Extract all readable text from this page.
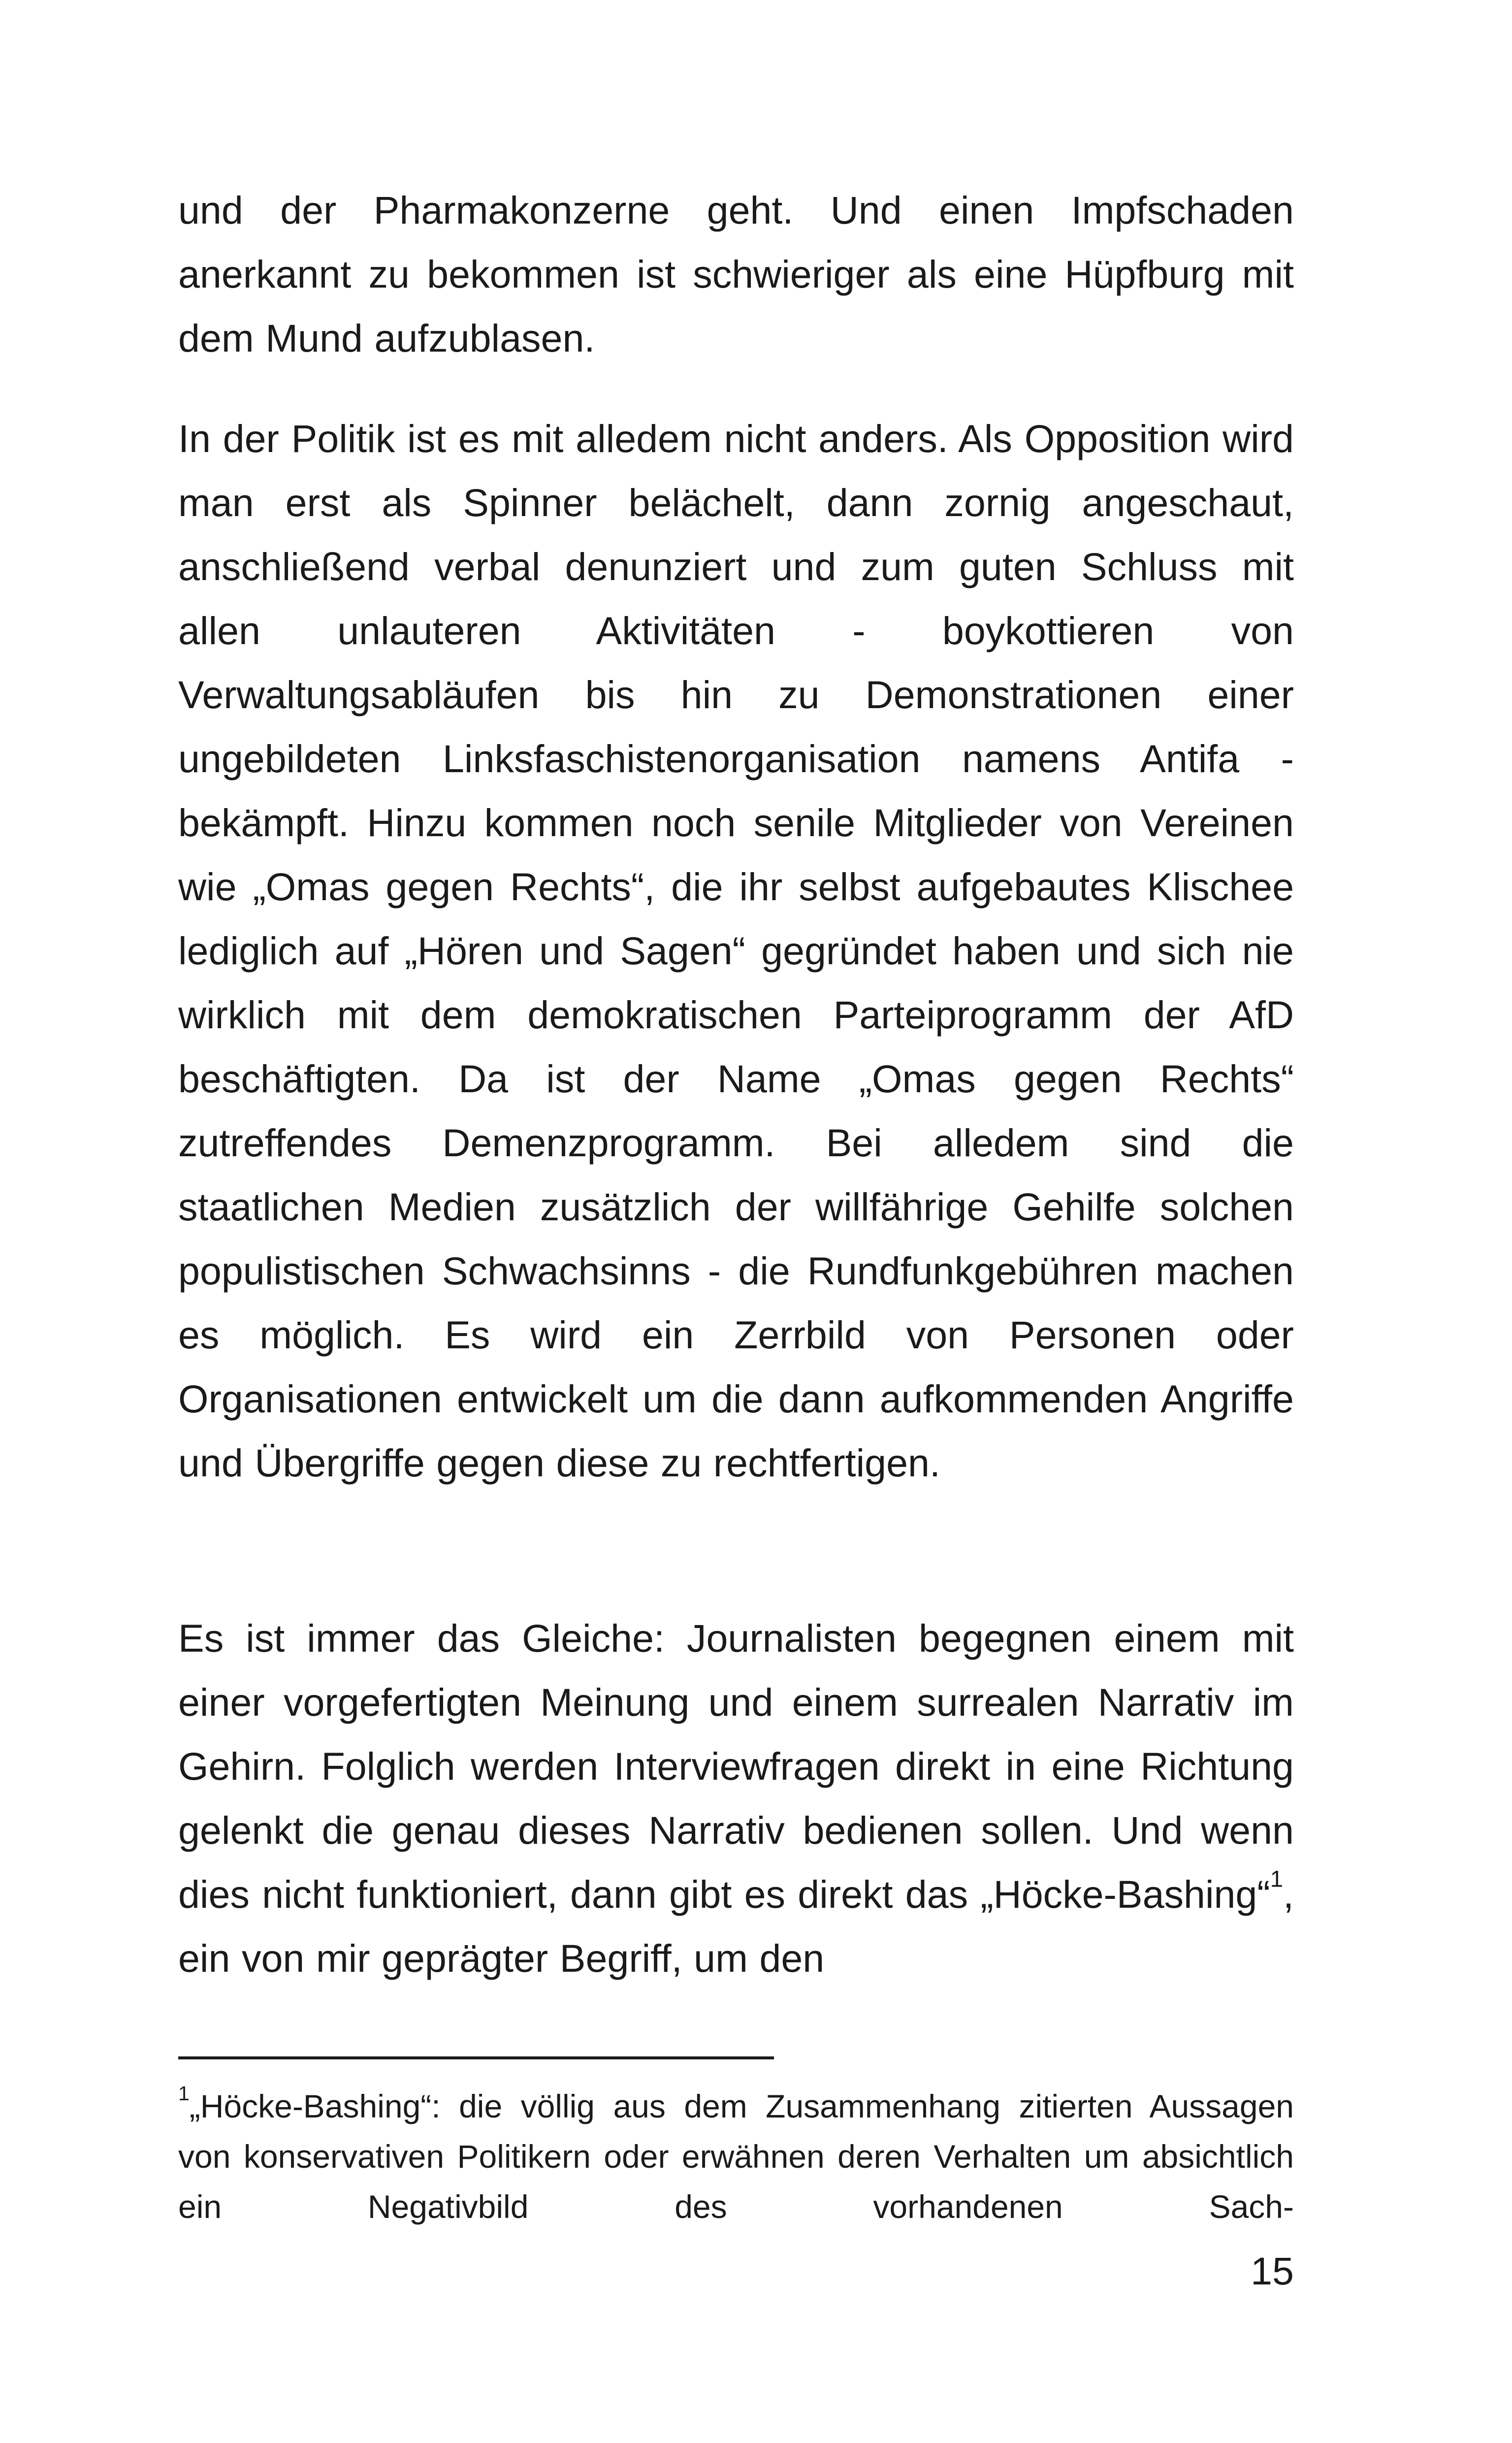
und der Pharmakonzerne geht. Und einen Impfschaden anerkannt zu bekommen ist schwieriger als eine Hüpfburg mit dem Mund aufzublasen.

In der Politik ist es mit alledem nicht anders. Als Opposition wird man erst als Spinner belächelt, dann zornig angeschaut, anschließend verbal denunziert und zum guten Schluss mit allen unlauteren Aktivitäten - boykottieren von Verwaltungsabläufen bis hin zu Demonstrationen einer ungebildeten Linksfaschistenorganisation namens Antifa - bekämpft. Hinzu kommen noch senile Mitglieder von Vereinen wie „Omas gegen Rechts“, die ihr selbst aufgebautes Klischee lediglich auf „Hören und Sagen“ gegründet haben und sich nie wirklich mit dem demokratischen Parteiprogramm der AfD beschäftigten. Da ist der Name „Omas gegen Rechts“ zutreffendes Demenzprogramm. Bei alledem sind die staatlichen Medien zusätzlich der willfährige Gehilfe solchen populistischen Schwachsinns - die Rundfunkgebühren machen es möglich. Es wird ein Zerrbild von Personen oder Organisationen entwickelt um die dann aufkommenden Angriffe und Übergriffe gegen diese zu rechtfertigen.

Es ist immer das Gleiche: Journalisten begegnen einem mit einer vorgefertigten Meinung und einem surrealen Narrativ im Gehirn. Folglich werden Interviewfragen direkt in eine Richtung gelenkt die genau dieses Narrativ bedienen sollen. Und wenn dies nicht funktioniert, dann gibt es direkt das „Höcke-Bashing“$^1$, ein von mir geprägter Begriff, um den

$^1$„Höcke-Bashing“: die völlig aus dem Zusammenhang zitierten Aussagen von konservativen Politikern oder erwähnen deren Verhalten um absichtlich ein Negativbild des vorhandenen Sach-
15
